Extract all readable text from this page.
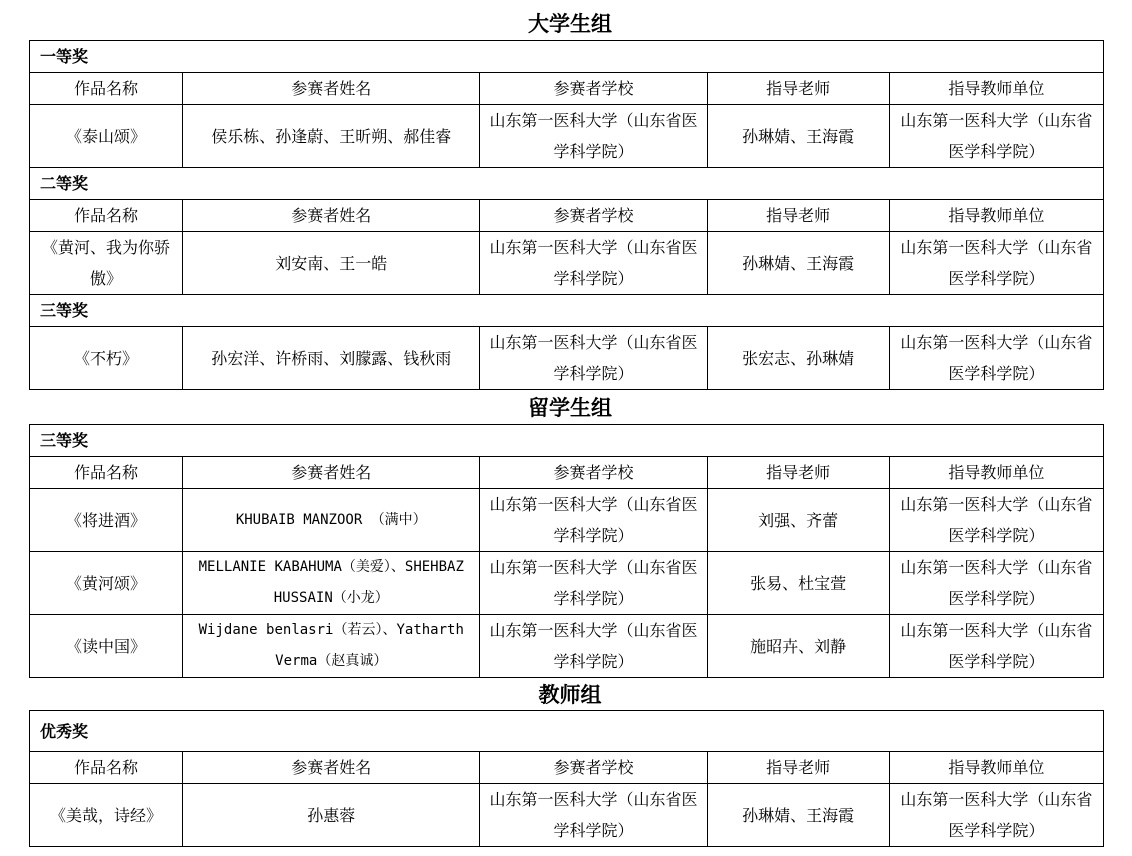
大学生组
一等奖				
作品名称	参赛者姓名	参赛者学校	指导老师	指导教师单位
《泰山颂》	侯乐栋、孙逢蔚、王昕朔、郝佳睿	山东第一医科大学（山东省医学科学院）	孙琳婧、王海霞	山东第一医科大学（山东省医学科学院）
二等奖				
作品名称	参赛者姓名	参赛者学校	指导老师	指导教师单位
《黄河、我为你骄傲》	刘安南、王一皓	山东第一医科大学（山东省医学科学院）	孙琳婧、王海霞	山东第一医科大学（山东省医学科学院）
三等奖				
《不朽》	孙宏洋、许桥雨、刘朦露、钱秋雨	山东第一医科大学（山东省医学科学院）	张宏志、孙琳婧	山东第一医科大学（山东省医学科学院）
留学生组
三等奖				
作品名称	参赛者姓名	参赛者学校	指导老师	指导教师单位
《将进酒》	KHUBAIB MANZOOR （满中）	山东第一医科大学（山东省医学科学院）	刘强、齐蕾	山东第一医科大学（山东省医学科学院）
《黄河颂》	MELLANIE KABAHUMA（美爱）、SHEHBAZ HUSSAIN（小龙）	山东第一医科大学（山东省医学科学院）	张易、杜宝萱	山东第一医科大学（山东省医学科学院）
《读中国》	Wijdane benlasri（若云）、Yatharth Verma（赵真诚）	山东第一医科大学（山东省医学科学院）	施昭卉、刘静	山东第一医科大学（山东省医学科学院）
教师组
优秀奖				
作品名称	参赛者姓名	参赛者学校	指导老师	指导教师单位
《美哉，诗经》	孙惠蓉	山东第一医科大学（山东省医学科学院）	孙琳婧、王海霞	山东第一医科大学（山东省医学科学院）
